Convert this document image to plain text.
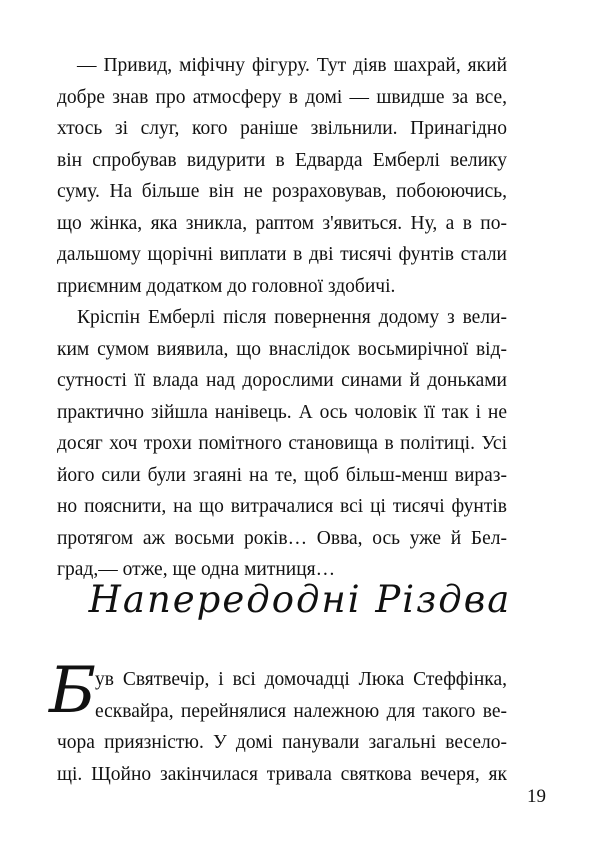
— Привид, міфічну фігуру. Тут діяв шахрай, який
добре знав про атмосферу в домі — швидше за все,
хтось зі слуг, кого раніше звільнили. Принагідно
він спробував видурити в Едварда Емберлі велику
суму. На більше він не розраховував, побоюючись,
що жінка, яка зникла, раптом з'явиться. Ну, а в по-
дальшому щорічні виплати в дві тисячі фунтів стали
приємним додатком до головної здобичі.
Кріспін Емберлі після повернення додому з вели-
ким сумом виявила, що внаслідок восьмирічної від-
сутності її влада над дорослими синами й доньками
практично зійшла нанівець. А ось чоловік її так і не
досяг хоч трохи помітного становища в політиці. Усі
його сили були згаяні на те, щоб більш-менш вираз-
но пояснити, на що витрачалися всі ці тисячі фунтів
протягом аж восьми років… Овва, ось уже й Бел-
град,— отже, ще одна митниця…
Напередодні Різдва
Б
ув Святвечір, і всі домочадці Люка Стеффінка,
есквайра, перейнялися належною для такого ве-
чора приязністю. У домі панували загальні весело-
щі. Щойно закінчилася тривала святкова вечеря, як
19
